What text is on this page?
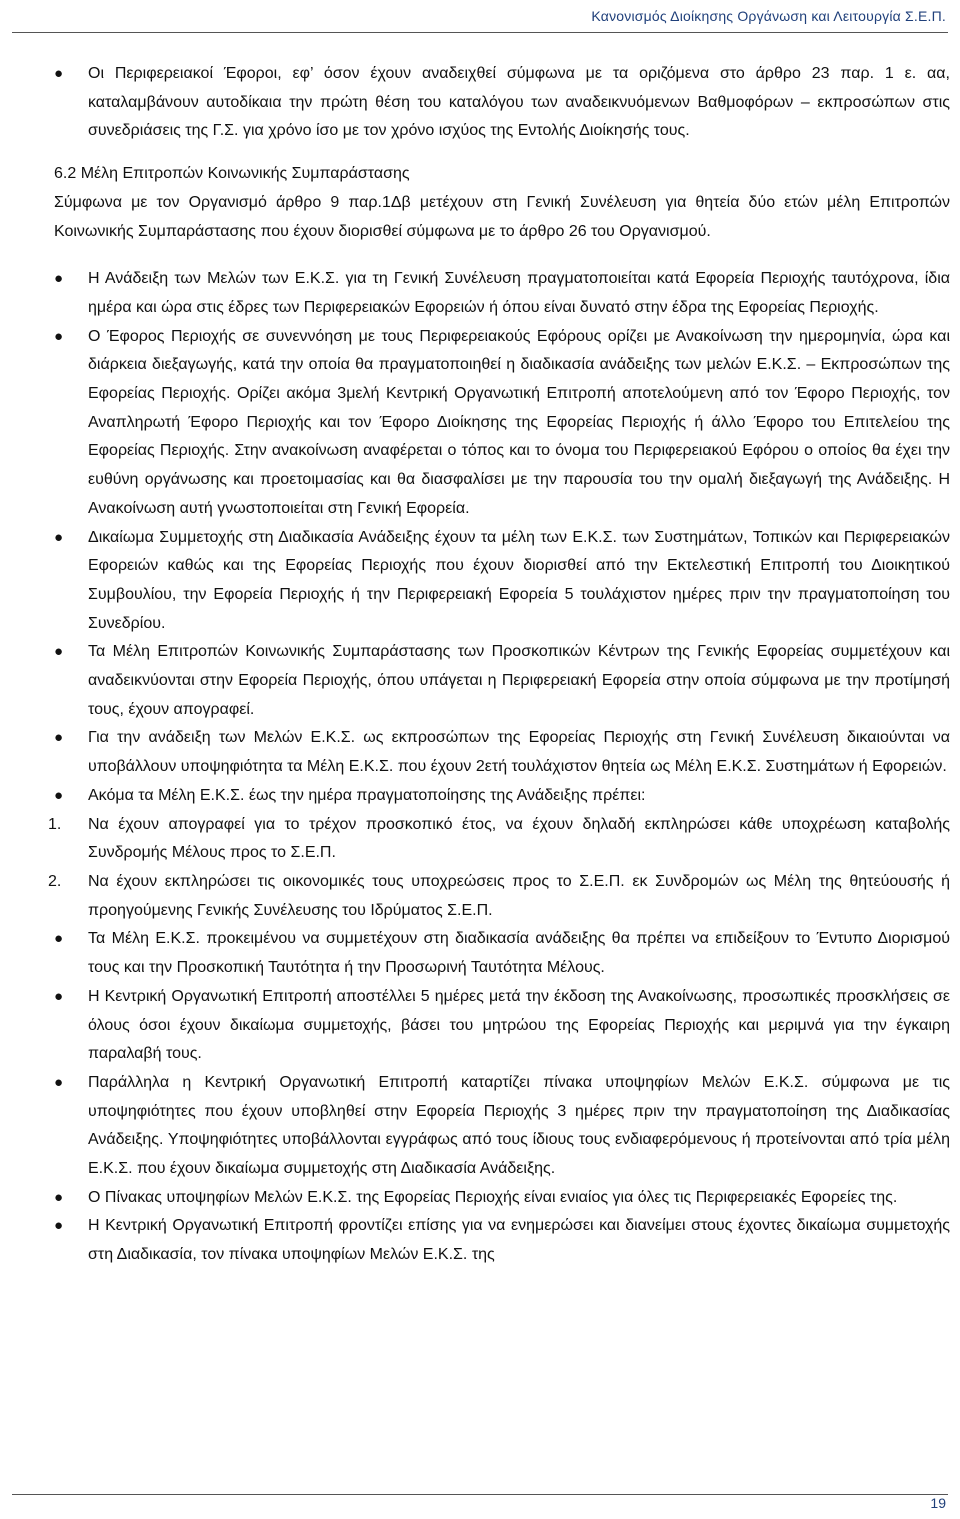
Κανονισμός Διοίκησης Οργάνωση και Λειτουργία Σ.Ε.Π.
● Οι Περιφερειακοί Έφοροι, εφ’ όσον έχουν αναδειχθεί σύμφωνα με τα οριζόμενα στο άρθρο 23 παρ. 1 ε. αα, καταλαμβάνουν αυτοδίκαια την πρώτη θέση του καταλόγου των αναδεικνυόμενων Βαθμοφόρων – εκπροσώπων στις συνεδριάσεις της Γ.Σ. για χρόνο ίσο με τον χρόνο ισχύος της Εντολής Διοίκησής τους.

6.2 Μέλη Επιτροπών Κοινωνικής Συμπαράστασης

Σύμφωνα με τον Οργανισμό άρθρο 9 παρ.1Δβ μετέχουν στη Γενική Συνέλευση για θητεία δύο ετών μέλη Επιτροπών Κοινωνικής Συμπαράστασης που έχουν διορισθεί σύμφωνα με το άρθρο 26 του Οργανισμού.

● Η Ανάδειξη των Μελών των Ε.Κ.Σ. για τη Γενική Συνέλευση πραγματοποιείται κατά Εφορεία Περιοχής ταυτόχρονα, ίδια ημέρα και ώρα στις έδρες των Περιφερειακών Εφορειών ή όπου είναι δυνατό στην έδρα της Εφορείας Περιοχής.
● Ο Έφορος Περιοχής σε συνεννόηση με τους Περιφερειακούς Εφόρους ορίζει με Ανακοίνωση την ημερομηνία, ώρα και διάρκεια διεξαγωγής, κατά την οποία θα πραγματοποιηθεί η διαδικασία ανάδειξης των μελών Ε.Κ.Σ. – Εκπροσώπων της Εφορείας Περιοχής. Ορίζει ακόμα 3μελή Κεντρική Οργανωτική Επιτροπή αποτελούμενη από τον Έφορο Περιοχής, τον Αναπληρωτή Έφορο Περιοχής και τον Έφορο Διοίκησης της Εφορείας Περιοχής ή άλλο Έφορο του Επιτελείου της Εφορείας Περιοχής. Στην ανακοίνωση αναφέρεται ο τόπος και το όνομα του Περιφερειακού Εφόρου ο οποίος θα έχει την ευθύνη οργάνωσης και προετοιμασίας και θα διασφαλίσει με την παρουσία του την ομαλή διεξαγωγή της Ανάδειξης. Η Ανακοίνωση αυτή γνωστοποιείται στη Γενική Εφορεία.
● Δικαίωμα Συμμετοχής στη Διαδικασία Ανάδειξης έχουν τα μέλη των Ε.Κ.Σ. των Συστημάτων, Τοπικών και Περιφερειακών Εφορειών καθώς και της Εφορείας Περιοχής που έχουν διορισθεί από την Εκτελεστική Επιτροπή του Διοικητικού Συμβουλίου, την Εφορεία Περιοχής ή την Περιφερειακή Εφορεία 5 τουλάχιστον ημέρες πριν την πραγματοποίηση του Συνεδρίου.
● Τα Μέλη Επιτροπών Κοινωνικής Συμπαράστασης των Προσκοπικών Κέντρων της Γενικής Εφορείας συμμετέχουν και αναδεικνύονται στην Εφορεία Περιοχής, όπου υπάγεται η Περιφερειακή Εφορεία στην οποία σύμφωνα με την προτίμησή τους, έχουν απογραφεί.
● Για την ανάδειξη των Μελών Ε.Κ.Σ. ως εκπροσώπων της Εφορείας Περιοχής στη Γενική Συνέλευση δικαιούνται να υποβάλλουν υποψηφιότητα τα Μέλη Ε.Κ.Σ. που έχουν 2ετή τουλάχιστον θητεία ως Μέλη Ε.Κ.Σ. Συστημάτων ή Εφορειών.
● Ακόμα τα Μέλη Ε.Κ.Σ. έως την ημέρα πραγματοποίησης της Ανάδειξης πρέπει:
1. Να έχουν απογραφεί για το τρέχον προσκοπικό έτος, να έχουν δηλαδή εκπληρώσει κάθε υποχρέωση καταβολής Συνδρομής Μέλους προς το Σ.Ε.Π.
2. Να έχουν εκπληρώσει τις οικονομικές τους υποχρεώσεις προς το Σ.Ε.Π. εκ Συνδρομών ως Μέλη της θητεύουσής ή προηγούμενης Γενικής Συνέλευσης του Ιδρύματος Σ.Ε.Π.
● Τα Μέλη Ε.Κ.Σ. προκειμένου να συμμετέχουν στη διαδικασία ανάδειξης θα πρέπει να επιδείξουν το Έντυπο Διορισμού τους και την Προσκοπική Ταυτότητα ή την Προσωρινή Ταυτότητα Μέλους.
● Η Κεντρική Οργανωτική Επιτροπή αποστέλλει 5 ημέρες μετά την έκδοση της Ανακοίνωσης, προσωπικές προσκλήσεις σε όλους όσοι έχουν δικαίωμα συμμετοχής, βάσει του μητρώου της Εφορείας Περιοχής και μεριμνά για την έγκαιρη παραλαβή τους.
● Παράλληλα η Κεντρική Οργανωτική Επιτροπή καταρτίζει πίνακα υποψηφίων Μελών Ε.Κ.Σ. σύμφωνα με τις υποψηφιότητες που έχουν υποβληθεί στην Εφορεία Περιοχής 3 ημέρες πριν την πραγματοποίηση της Διαδικασίας Ανάδειξης. Υποψηφιότητες υποβάλλονται εγγράφως από τους ίδιους τους ενδιαφερόμενους ή προτείνονται από τρία μέλη Ε.Κ.Σ. που έχουν δικαίωμα συμμετοχής στη Διαδικασία Ανάδειξης.
● Ο Πίνακας υποψηφίων Μελών Ε.Κ.Σ. της Εφορείας Περιοχής είναι ενιαίος για όλες τις Περιφερειακές Εφορείες της.
● Η Κεντρική Οργανωτική Επιτροπή φροντίζει επίσης για να ενημερώσει και διανείμει στους έχοντες δικαίωμα συμμετοχής στη Διαδικασία, τον πίνακα υποψηφίων Μελών Ε.Κ.Σ. της
19
